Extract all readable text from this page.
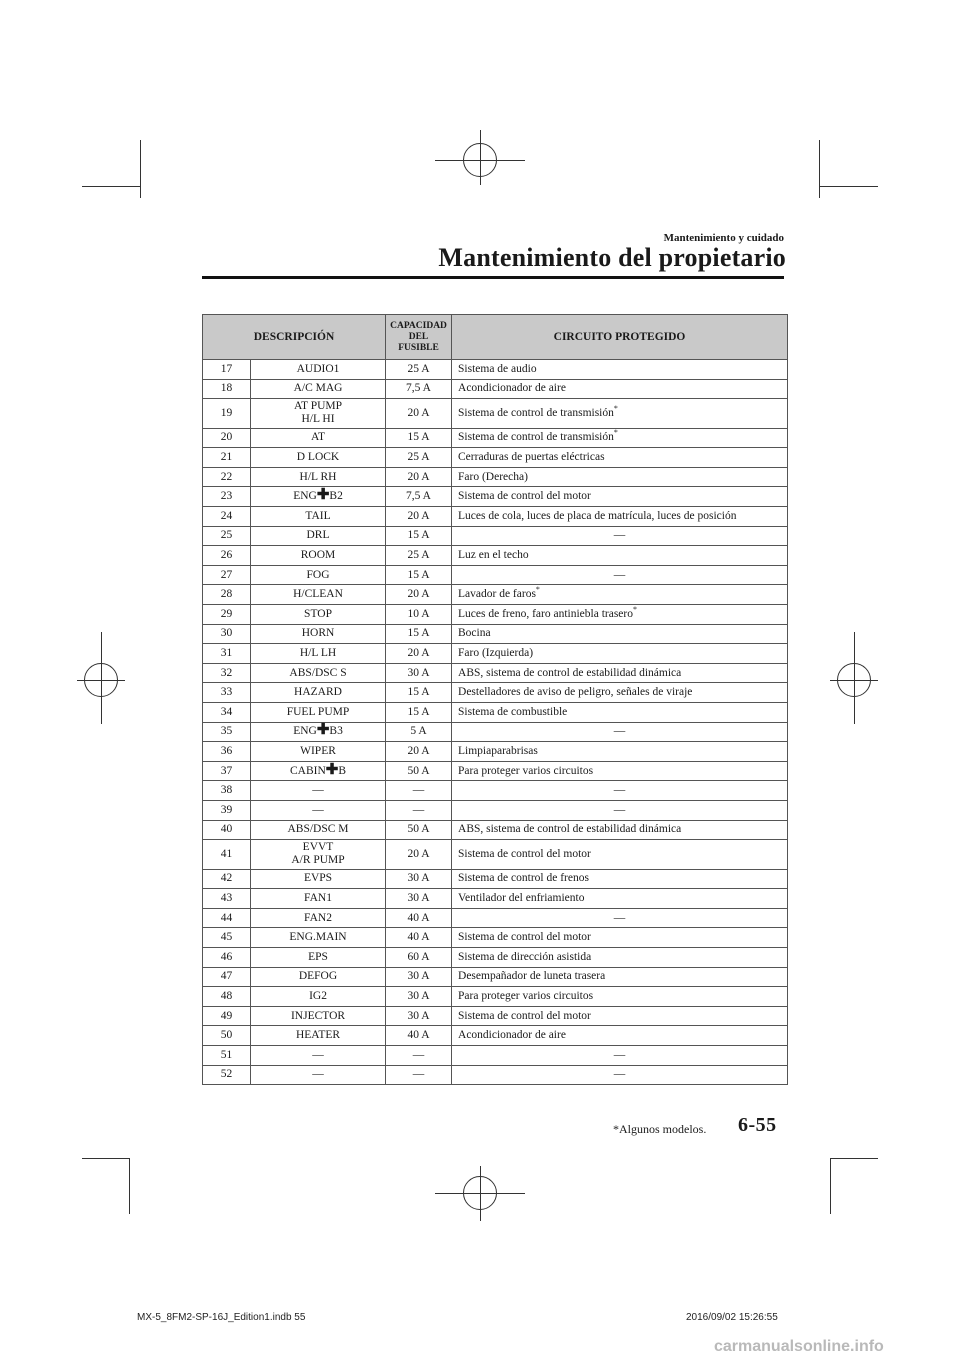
Mantenimiento y cuidado
Mantenimiento del propietario
DESCRIPCIÓN		CAPACIDAD
DEL
FUSIBLE	CIRCUITO PROTEGIDO
17	AUDIO1	25 A	Sistema de audio
18	A/C MAG	7,5 A	Acondicionador de aire
19	AT PUMP
H/L HI	20 A	Sistema de control de transmisión*
20	AT	15 A	Sistema de control de transmisión*
21	D LOCK	25 A	Cerraduras de puertas eléctricas
22	H/L RH	20 A	Faro (Derecha)
23	ENG✚B2	7,5 A	Sistema de control del motor
24	TAIL	20 A	Luces de cola, luces de placa de matrícula, luces de posición
25	DRL	15 A	—
26	ROOM	25 A	Luz en el techo
27	FOG	15 A	—
28	H/CLEAN	20 A	Lavador de faros*
29	STOP	10 A	Luces de freno, faro antiniebla trasero*
30	HORN	15 A	Bocina
31	H/L LH	20 A	Faro (Izquierda)
32	ABS/DSC S	30 A	ABS, sistema de control de estabilidad dinámica
33	HAZARD	15 A	Destelladores de aviso de peligro, señales de viraje
34	FUEL PUMP	15 A	Sistema de combustible
35	ENG✚B3	5 A	—
36	WIPER	20 A	Limpiaparabrisas
37	CABIN✚B	50 A	Para proteger varios circuitos
38	—	—	—
39	—	—	—
40	ABS/DSC M	50 A	ABS, sistema de control de estabilidad dinámica
41	EVVT
A/R PUMP	20 A	Sistema de control del motor
42	EVPS	30 A	Sistema de control de frenos
43	FAN1	30 A	Ventilador del enfriamiento
44	FAN2	40 A	—
45	ENG.MAIN	40 A	Sistema de control del motor
46	EPS	60 A	Sistema de dirección asistida
47	DEFOG	30 A	Desempañador de luneta trasera
48	IG2	30 A	Para proteger varios circuitos
49	INJECTOR	30 A	Sistema de control del motor
50	HEATER	40 A	Acondicionador de aire
51	—	—	—
52	—	—	—
*Algunos modelos. 6-55
MX-5_8FM2-SP-16J_Edition1.indb 55	2016/09/02 15:26:55
carmanualsonline.info
